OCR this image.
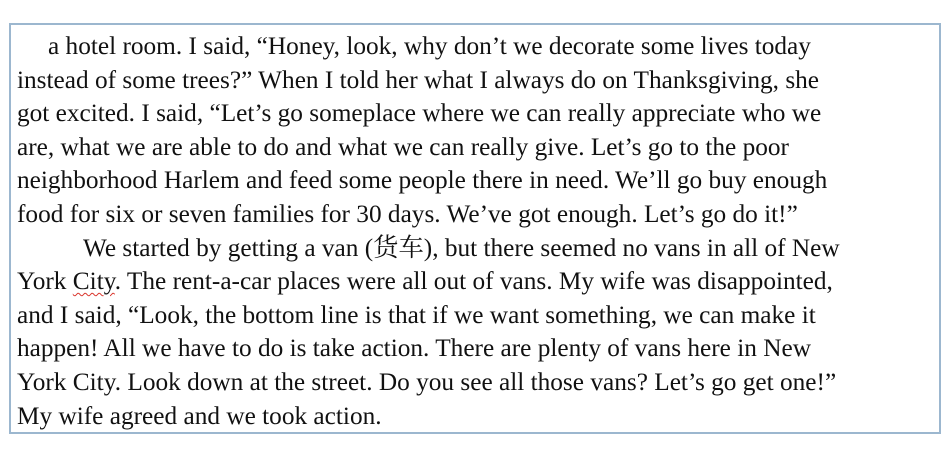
a hotel room. I said, “Honey, look, why don’t we decorate some lives today
instead of some trees?” When I told her what I always do on Thanksgiving, she
got excited. I said, “Let’s go someplace where we can really appreciate who we
are, what we are able to do and what we can really give. Let’s go to the poor
neighborhood Harlem and feed some people there in need. We’ll go buy enough
food for six or seven families for 30 days. We’ve got enough. Let’s go do it!”
We started by getting a van (货车), but there seemed no vans in all of New
York City. The rent-a-car places were all out of vans. My wife was disappointed,
and I said, “Look, the bottom line is that if we want something, we can make it
happen! All we have to do is take action. There are plenty of vans here in New
York City. Look down at the street. Do you see all those vans? Let’s go get one!”
My wife agreed and we took action.
